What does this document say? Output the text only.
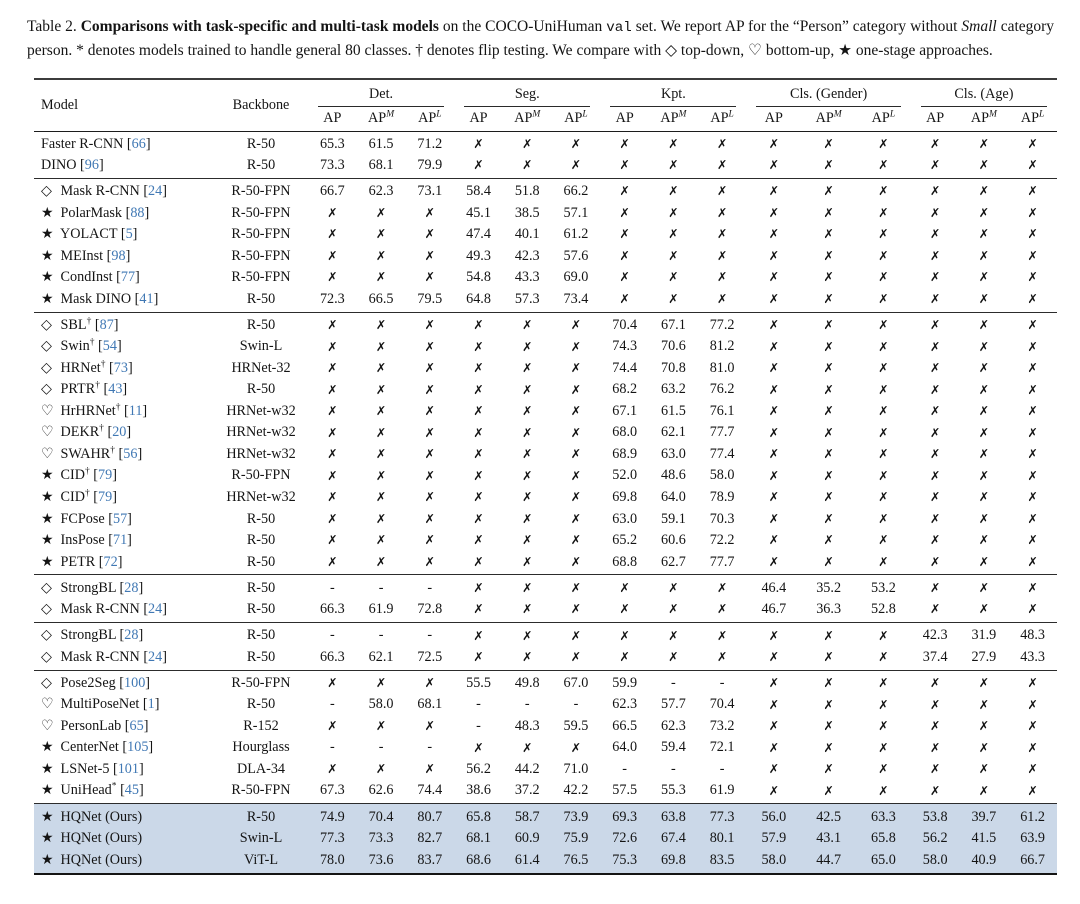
Table 2. Comparisons with task-specific and multi-task models on the COCO-UniHuman val set. We report AP for the “Person” category without Small category person. * denotes models trained to handle general 80 classes. † denotes flip testing. We compare with ◇ top-down, ♡ bottom-up, ★ one-stage approaches.
Model	Backbone	Det.			Seg.			Kpt.			Cls. (Gender)			Cls. (Age)		

		AP	$AP^M$	$AP^L$	AP	$AP^M$	$AP^L$	AP	$AP^M$	$AP^L$	AP	$AP^M$	$AP^L$	AP	$AP^M$	$AP^L$
Faster R-CNN [66]	R-50	65.3	61.5	71.2	✗	✗	✗	✗	✗	✗	✗	✗	✗	✗	✗	✗
DINO [96]	R-50	73.3	68.1	79.9	✗	✗	✗	✗	✗	✗	✗	✗	✗	✗	✗	✗
◇ Mask R-CNN [24]	R-50-FPN	66.7	62.3	73.1	58.4	51.8	66.2	✗	✗	✗	✗	✗	✗	✗	✗	✗
★ PolarMask [88]	R-50-FPN	✗	✗	✗	45.1	38.5	57.1	✗	✗	✗	✗	✗	✗	✗	✗	✗
★ YOLACT [5]	R-50-FPN	✗	✗	✗	47.4	40.1	61.2	✗	✗	✗	✗	✗	✗	✗	✗	✗
★ MEInst [98]	R-50-FPN	✗	✗	✗	49.3	42.3	57.6	✗	✗	✗	✗	✗	✗	✗	✗	✗
★ CondInst [77]	R-50-FPN	✗	✗	✗	54.8	43.3	69.0	✗	✗	✗	✗	✗	✗	✗	✗	✗
★ Mask DINO [41]	R-50	72.3	66.5	79.5	64.8	57.3	73.4	✗	✗	✗	✗	✗	✗	✗	✗	✗
◇ SBL† [87]	R-50	✗	✗	✗	✗	✗	✗	70.4	67.1	77.2	✗	✗	✗	✗	✗	✗
◇ Swin† [54]	Swin-L	✗	✗	✗	✗	✗	✗	74.3	70.6	81.2	✗	✗	✗	✗	✗	✗
◇ HRNet† [73]	HRNet-32	✗	✗	✗	✗	✗	✗	74.4	70.8	81.0	✗	✗	✗	✗	✗	✗
◇ PRTR† [43]	R-50	✗	✗	✗	✗	✗	✗	68.2	63.2	76.2	✗	✗	✗	✗	✗	✗
♡ HrHRNet† [11]	HRNet-w32	✗	✗	✗	✗	✗	✗	67.1	61.5	76.1	✗	✗	✗	✗	✗	✗
♡ DEKR† [20]	HRNet-w32	✗	✗	✗	✗	✗	✗	68.0	62.1	77.7	✗	✗	✗	✗	✗	✗
♡ SWAHR† [56]	HRNet-w32	✗	✗	✗	✗	✗	✗	68.9	63.0	77.4	✗	✗	✗	✗	✗	✗
★ CID† [79]	R-50-FPN	✗	✗	✗	✗	✗	✗	52.0	48.6	58.0	✗	✗	✗	✗	✗	✗
★ CID† [79]	HRNet-w32	✗	✗	✗	✗	✗	✗	69.8	64.0	78.9	✗	✗	✗	✗	✗	✗
★ FCPose [57]	R-50	✗	✗	✗	✗	✗	✗	63.0	59.1	70.3	✗	✗	✗	✗	✗	✗
★ InsPose [71]	R-50	✗	✗	✗	✗	✗	✗	65.2	60.6	72.2	✗	✗	✗	✗	✗	✗
★ PETR [72]	R-50	✗	✗	✗	✗	✗	✗	68.8	62.7	77.7	✗	✗	✗	✗	✗	✗
◇ StrongBL [28]	R-50	-	-	-	✗	✗	✗	✗	✗	✗	46.4	35.2	53.2	✗	✗	✗
◇ Mask R-CNN [24]	R-50	66.3	61.9	72.8	✗	✗	✗	✗	✗	✗	46.7	36.3	52.8	✗	✗	✗
◇ StrongBL [28]	R-50	-	-	-	✗	✗	✗	✗	✗	✗	✗	✗	✗	42.3	31.9	48.3
◇ Mask R-CNN [24]	R-50	66.3	62.1	72.5	✗	✗	✗	✗	✗	✗	✗	✗	✗	37.4	27.9	43.3
◇ Pose2Seg [100]	R-50-FPN	✗	✗	✗	55.5	49.8	67.0	59.9	-	-	✗	✗	✗	✗	✗	✗
♡ MultiPoseNet [1]	R-50	-	58.0	68.1	-	-	-	62.3	57.7	70.4	✗	✗	✗	✗	✗	✗
♡ PersonLab [65]	R-152	✗	✗	✗	-	48.3	59.5	66.5	62.3	73.2	✗	✗	✗	✗	✗	✗
★ CenterNet [105]	Hourglass	-	-	-	✗	✗	✗	64.0	59.4	72.1	✗	✗	✗	✗	✗	✗
★ LSNet-5 [101]	DLA-34	✗	✗	✗	56.2	44.2	71.0	-	-	-	✗	✗	✗	✗	✗	✗
★ UniHead* [45]	R-50-FPN	67.3	62.6	74.4	38.6	37.2	42.2	57.5	55.3	61.9	✗	✗	✗	✗	✗	✗
★ HQNet (Ours)	R-50	74.9	70.4	80.7	65.8	58.7	73.9	69.3	63.8	77.3	56.0	42.5	63.3	53.8	39.7	61.2
★ HQNet (Ours)	Swin-L	77.3	73.3	82.7	68.1	60.9	75.9	72.6	67.4	80.1	57.9	43.1	65.8	56.2	41.5	63.9
★ HQNet (Ours)	ViT-L	78.0	73.6	83.7	68.6	61.4	76.5	75.3	69.8	83.5	58.0	44.7	65.0	58.0	40.9	66.7
